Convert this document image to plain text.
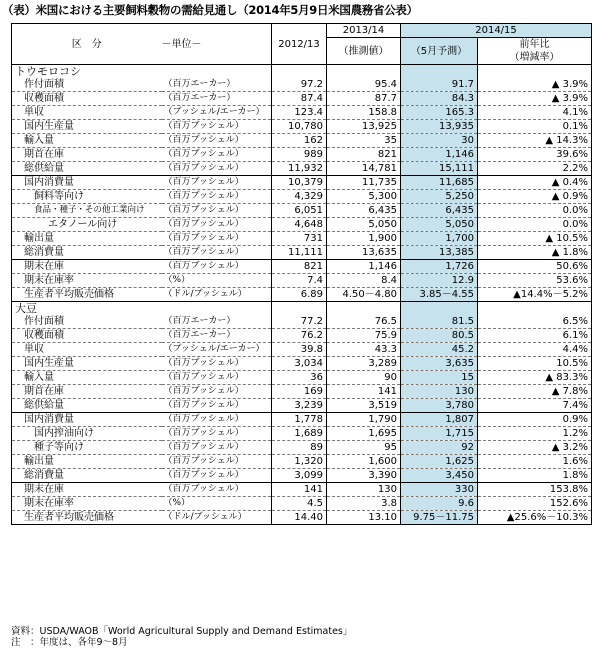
（表）米国における主要飼料穀物の需給見通し（2014年5月9日米国農務省公表）
区　分	－単位－	2012/13	2013/14	2014/15	
			（推測値）	（5月予測）	前年比
（増減率）

トウモロコシ					
作付面積	（百万エーカー）	97.2	95.4	91.7	▲ 3.9%
収穫面積	（百万エーカー）	87.4	87.7	84.3	▲ 3.9%
単収	（ブッシェル/エーカー）	123.4	158.8	165.3	4.1%
国内生産量	（百万ブッシェル）	10,780	13,925	13,935	0.1%
輸入量	（百万ブッシェル）	162	35	30	▲ 14.3%
期首在庫	（百万ブッシェル）	989	821	1,146	39.6%
総供給量	（百万ブッシェル）	11,932	14,781	15,111	2.2%
国内消費量	（百万ブッシェル）	10,379	11,735	11,685	▲ 0.4%
飼料等向け	（百万ブッシェル）	4,329	5,300	5,250	▲ 0.9%
食品・種子・その他工業向け	（百万ブッシェル）	6,051	6,435	6,435	0.0%
エタノール向け	（百万ブッシェル）	4,648	5,050	5,050	0.0%
輸出量	（百万ブッシェル）	731	1,900	1,700	▲ 10.5%
総消費量	（百万ブッシェル）	11,111	13,635	13,385	▲ 1.8%
期末在庫	（百万ブッシェル）	821	1,146	1,726	50.6%
期末在庫率	（%）	7.4	8.4	12.9	53.6%
生産者平均販売価格	（ドル/ブッシェル）	6.89	4.50－4.80	3.85－4.55	▲14.4%－5.2%
大豆					
作付面積	（百万エーカー）	77.2	76.5	81.5	6.5%
収穫面積	（百万エーカー）	76.2	75.9	80.5	6.1%
単収	（ブッシェル/エーカー）	39.8	43.3	45.2	4.4%
国内生産量	（百万ブッシェル）	3,034	3,289	3,635	10.5%
輸入量	（百万ブッシェル）	36	90	15	▲ 83.3%
期首在庫	（百万ブッシェル）	169	141	130	▲ 7.8%
総供給量	（百万ブッシェル）	3,239	3,519	3,780	7.4%
国内消費量	（百万ブッシェル）	1,778	1,790	1,807	0.9%
国内搾油向け	（百万ブッシェル）	1,689	1,695	1,715	1.2%
種子等向け	（百万ブッシェル）	89	95	92	▲ 3.2%
輸出量	（百万ブッシェル）	1,320	1,600	1,625	1.6%
総消費量	（百万ブッシェル）	3,099	3,390	3,450	1.8%
期末在庫	（百万ブッシェル）	141	130	330	153.8%
期末在庫率	（%）	4.5	3.8	9.6	152.6%
生産者平均販売価格	（ドル/ブッシェル）	14.40	13.10	9.75－11.75	▲25.6%－10.3%
資料：USDA/WAOB「World Agricultural Supply and Demand Estimates」
注　：年度は、各年9～8月
